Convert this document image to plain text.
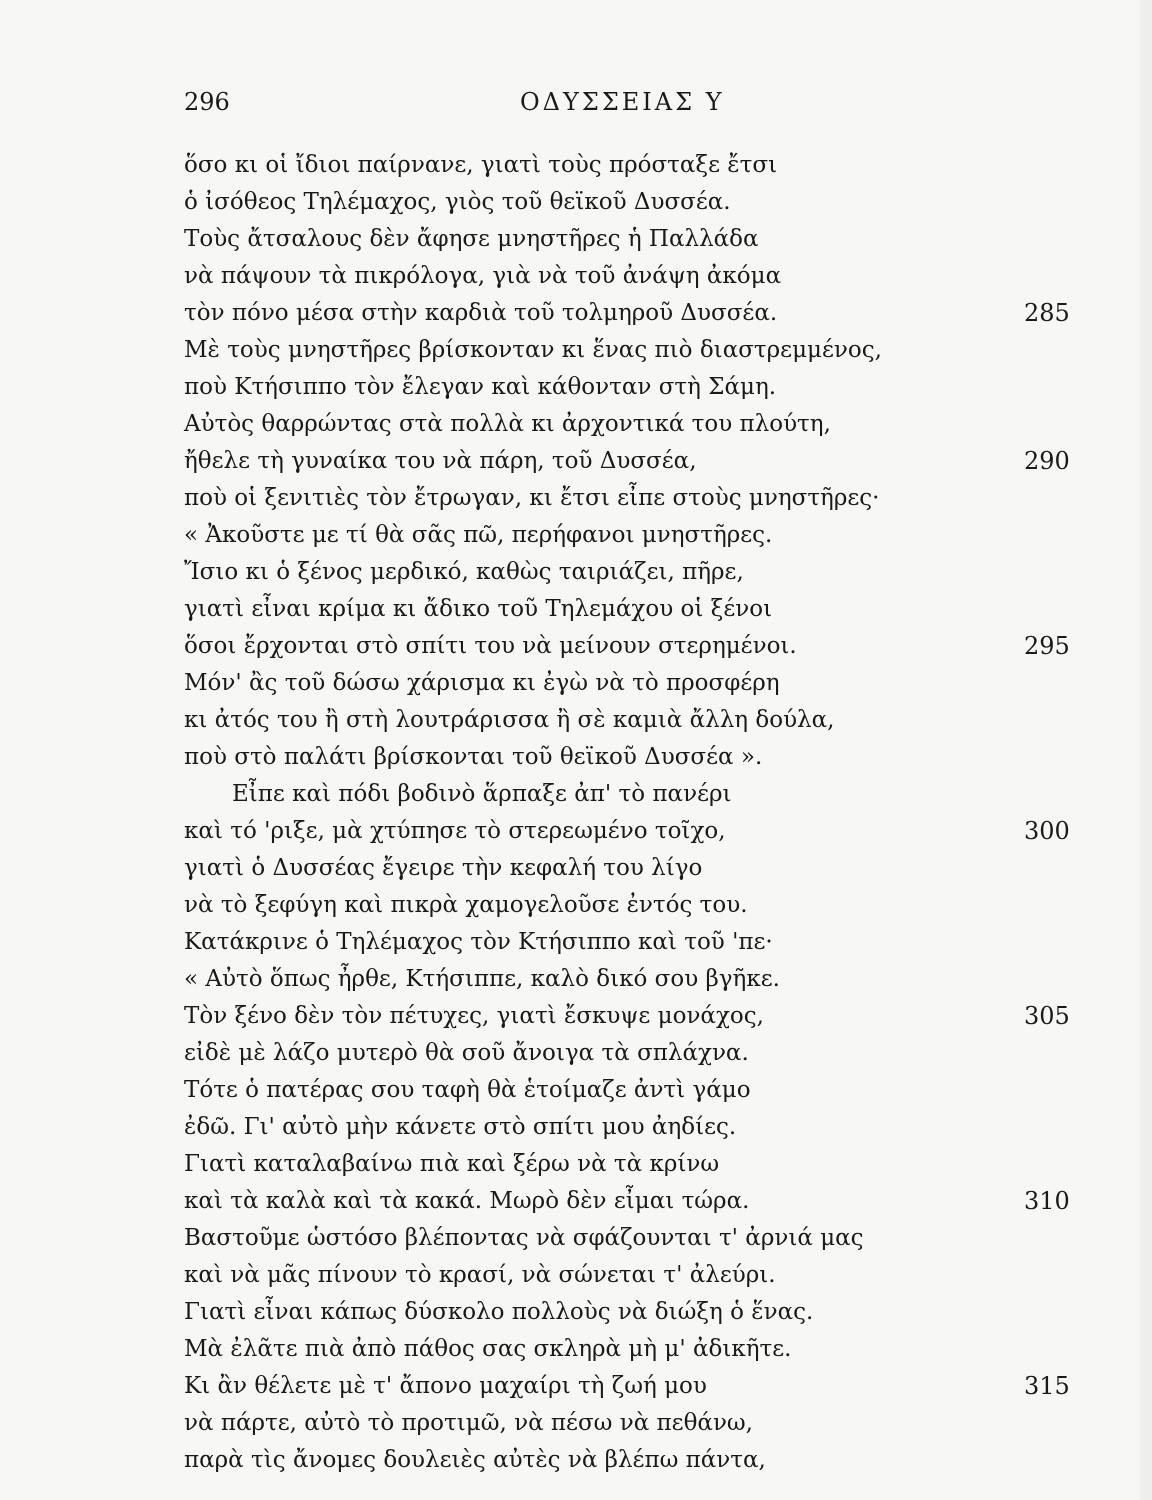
296	ΟΔΥΣΣΕΙΑΣ Υ
ὅσο κι οἱ ἴδιοι παίρνανε, γιατὶ τοὺς πρόσταξε ἔτσι
ὁ ἰσόθεος Τηλέμαχος, γιὸς τοῦ θεϊκοῦ Δυσσέα.
Τοὺς ἄτσαλους δὲν ἄφησε μνηστῆρες ἡ Παλλάδα
νὰ πάψουν τὰ πικρόλογα, γιὰ νὰ τοῦ ἀνάψη ἀκόμα
τὸν πόνο μέσα στὴν καρδιὰ τοῦ τολμηροῦ Δυσσέα.
Μὲ τοὺς μνηστῆρες βρίσκονταν κι ἕνας πιὸ διαστρεμμένος,
ποὺ Κτήσιππο τὸν ἔλεγαν καὶ κάθονταν στὴ Σάμη.
Αὐτὸς θαρρώντας στὰ πολλὰ κι ἀρχοντικά του πλούτη,
ἤθελε τὴ γυναίκα του νὰ πάρη, τοῦ Δυσσέα,
ποὺ οἱ ξενιτιὲς τὸν ἔτρωγαν, κι ἔτσι εἶπε στοὺς μνηστῆρες·
« Ἀκοῦστε με τί θὰ σᾶς πῶ, περήφανοι μνηστῆρες.
Ἴσιο κι ὁ ξένος μερδικό, καθὼς ταιριάζει, πῆρε,
γιατὶ εἶναι κρίμα κι ἄδικο τοῦ Τηλεμάχου οἱ ξένοι
ὅσοι ἔρχονται στὸ σπίτι του νὰ μείνουν στερημένοι.
Μόν' ἂς τοῦ δώσω χάρισμα κι ἐγὼ νὰ τὸ προσφέρη
κι ἀτός του ἢ στὴ λουτράρισσα ἢ σὲ καμιὰ ἄλλη δούλα,
ποὺ στὸ παλάτι βρίσκονται τοῦ θεϊκοῦ Δυσσέα ».
Εἶπε καὶ πόδι βοδινὸ ἅρπαξε ἀπ' τὸ πανέρι
καὶ τό 'ριξε, μὰ χτύπησε τὸ στερεωμένο τοῖχο,
γιατὶ ὁ Δυσσέας ἔγειρε τὴν κεφαλή του λίγο
νὰ τὸ ξεφύγη καὶ πικρὰ χαμογελοῦσε ἐντός του.
Κατάκρινε ὁ Τηλέμαχος τὸν Κτήσιππο καὶ τοῦ 'πε·
« Αὐτὸ ὅπως ἦρθε, Κτήσιππε, καλὸ δικό σου βγῆκε.
Τὸν ξένο δὲν τὸν πέτυχες, γιατὶ ἔσκυψε μονάχος,
εἰδὲ μὲ λάζο μυτερὸ θὰ σοῦ ἄνοιγα τὰ σπλάχνα.
Τότε ὁ πατέρας σου ταφὴ θὰ ἑτοίμαζε ἀντὶ γάμο
ἐδῶ. Γι' αὐτὸ μὴν κάνετε στὸ σπίτι μου ἀηδίες.
Γιατὶ καταλαβαίνω πιὰ καὶ ξέρω νὰ τὰ κρίνω
καὶ τὰ καλὰ καὶ τὰ κακά. Μωρὸ δὲν εἶμαι τώρα.
Βαστοῦμε ὡστόσο βλέποντας νὰ σφάζουνται τ' ἀρνιά μας
καὶ νὰ μᾶς πίνουν τὸ κρασί, νὰ σώνεται τ' ἀλεύρι.
Γιατὶ εἶναι κάπως δύσκολο πολλοὺς νὰ διώξη ὁ ἕνας.
Μὰ ἐλᾶτε πιὰ ἀπὸ πάθος σας σκληρὰ μὴ μ' ἀδικῆτε.
Κι ἂν θέλετε μὲ τ' ἄπονο μαχαίρι τὴ ζωή μου
νὰ πάρτε, αὐτὸ τὸ προτιμῶ, νὰ πέσω νὰ πεθάνω,
παρὰ τὶς ἄνομες δουλειὲς αὐτὲς νὰ βλέπω πάντα,
285
290
295
300
305
310
315
